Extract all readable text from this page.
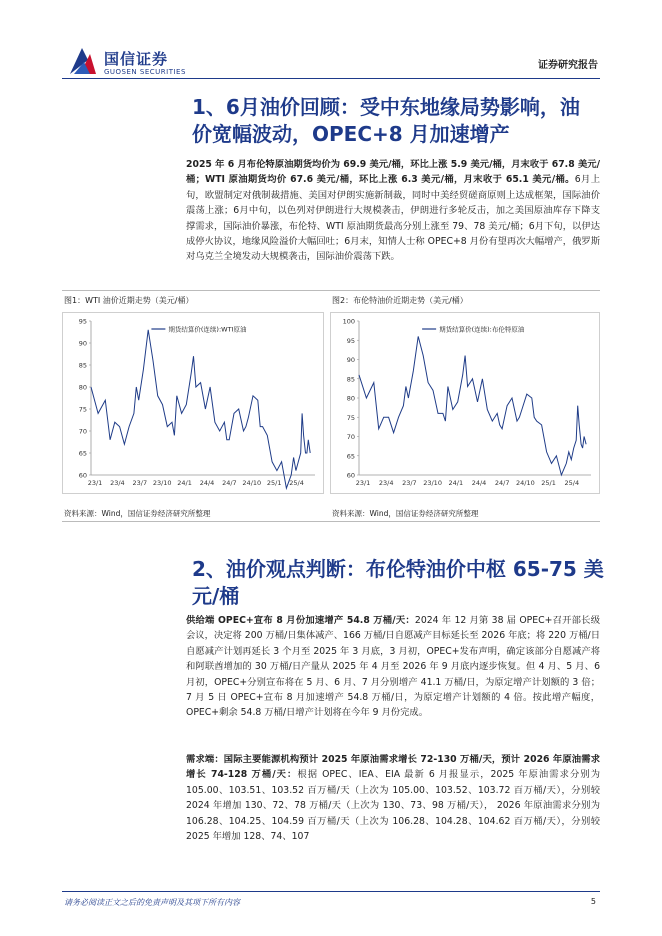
国信证券
GUOSEN SECURITIES
证券研究报告
1、6月油价回顾：受中东地缘局势影响，油
价宽幅波动，OPEC+8 月加速增产
2025 年 6 月布伦特原油期货均价为 69.9 美元/桶，环比上涨 5.9 美元/桶，月末收于 67.8 美元/桶；WTI 原油期货均价 67.6 美元/桶，环比上涨 6.3 美元/桶，月末收于 65.1 美元/桶。6月上旬，欧盟制定对俄制裁措施、美国对伊朗实施新制裁，同时中美经贸磋商原则上达成框架，国际油价震荡上涨；6月中旬，以色列对伊朗进行大规模袭击，伊朗进行多轮反击，加之美国原油库存下降支撑需求，国际油价暴涨，布伦特、WTI 原油期货最高分别上涨至 79、78 美元/桶；6月下旬，以伊达成停火协议，地缘风险溢价大幅回吐；6月末，知情人士称 OPEC+8 月份有望再次大幅增产，俄罗斯对乌克兰全境发动大规模袭击，国际油价震荡下跌。
图1：WTI 油价近期走势（美元/桶）	图2：布伦特油价近期走势（美元/桶）
60
65
70
75
80
85
90
95
23/1 23/4 23/7 23/10 24/1 24/4 24/7 24/10 25/1 25/4
期货结算价(连续):WTI原油
60
65
70
75
80
85
90
95
100
23/1 23/4 23/7 23/10 24/1 24/4 24/7 24/10 25/1 25/4
期货结算价(连续):布伦特原油
资料来源：Wind，国信证券经济研究所整理	资料来源：Wind，国信证券经济研究所整理
2、油价观点判断：布伦特油价中枢 65-75 美
元/桶
供给端 OPEC+宣布 8 月份加速增产 54.8 万桶/天：2024 年 12 月第 38 届 OPEC+召开部长级会议，决定将 200 万桶/日集体减产、166 万桶/日自愿减产目标延长至 2026 年底；将 220 万桶/日自愿减产计划再延长 3 个月至 2025 年 3 月底，3 月初，OPEC+发布声明，确定该部分自愿减产将和阿联酋增加的 30 万桶/日产量从 2025 年 4 月至 2026 年 9 月底内逐步恢复。但 4 月、5 月、6 月初，OPEC+分别宣布将在 5 月、6 月、7 月分别增产 41.1 万桶/日，为原定增产计划额的 3 倍；7 月 5 日 OPEC+宣布 8 月加速增产 54.8 万桶/日，为原定增产计划额的 4 倍。按此增产幅度，OPEC+剩余 54.8 万桶/日增产计划将在今年 9 月份完成。
需求端：国际主要能源机构预计 2025 年原油需求增长 72-130 万桶/天，预计 2026 年原油需求增长 74-128 万桶/天：根据 OPEC、IEA、EIA 最新 6 月报显示，2025 年原油需求分别为 105.00、103.51、103.52 百万桶/天（上次为 105.00、103.52、103.72 百万桶/天），分别较 2024 年增加 130、72、78 万桶/天（上次为 130、73、98 万桶/天）， 2026 年原油需求分别为 106.28、104.25、104.59 百万桶/天（上次为 106.28、104.28、104.62 百万桶/天），分别较 2025 年增加 128、74、107
请务必阅读正文之后的免责声明及其项下所有内容	5
